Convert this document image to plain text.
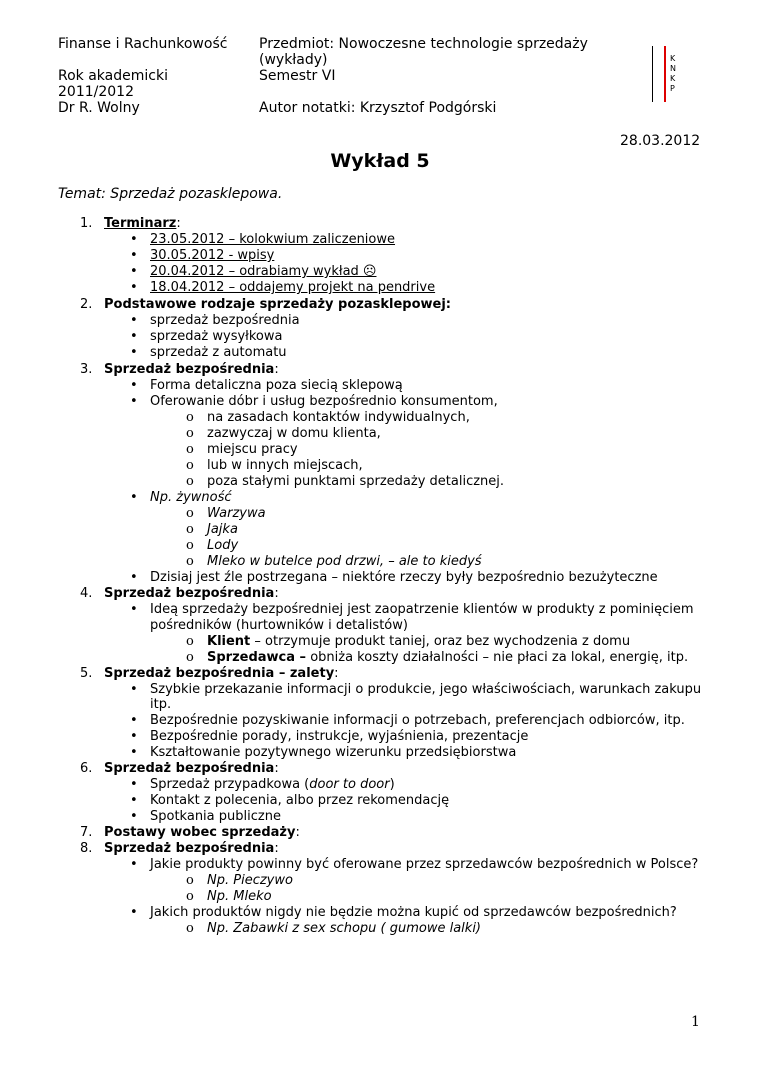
Finanse i Rachunkowość Przedmiot: Nowoczesne technologie sprzedaży
(wykłady)
Rok akademicki
2011/2012
Semestr VI
Dr R. Wolny	Autor notatki: Krzysztof Podgórski
K
N
K
P
28.03.2012
Wykład 5
Temat: Sprzedaż pozasklepowa.
1. Terminarz:
• 23.05.2012 – kolokwium zaliczeniowe
• 30.05.2012 - wpisy
• 20.04.2012 – odrabiamy wykład ☹
• 18.04.2012 – oddajemy projekt na pendrive
2. Podstawowe rodzaje sprzedaży pozasklepowej:
• sprzedaż bezpośrednia
• sprzedaż wysyłkowa
• sprzedaż z automatu
3. Sprzedaż bezpośrednia:
• Forma detaliczna poza siecią sklepową
• Oferowanie dóbr i usług bezpośrednio konsumentom,
o na zasadach kontaktów indywidualnych,
o zazwyczaj w domu klienta,
o miejscu pracy
o lub w innych miejscach,
o poza stałymi punktami sprzedaży detalicznej.
• Np. żywność
o Warzywa
o Jajka
o Lody
o Mleko w butelce pod drzwi, – ale to kiedyś
• Dzisiaj jest źle postrzegana – niektóre rzeczy były bezpośrednio bezużyteczne
4. Sprzedaż bezpośrednia:
• Ideą sprzedaży bezpośredniej jest zaopatrzenie klientów w produkty z pominięciem
pośredników (hurtowników i detalistów)
o Klient – otrzymuje produkt taniej, oraz bez wychodzenia z domu
o Sprzedawca – obniża koszty działalności – nie płaci za lokal, energię, itp.
5. Sprzedaż bezpośrednia – zalety:
• Szybkie przekazanie informacji o produkcie, jego właściwościach, warunkach zakupu
itp.
• Bezpośrednie pozyskiwanie informacji o potrzebach, preferencjach odbiorców, itp.
• Bezpośrednie porady, instrukcje, wyjaśnienia, prezentacje
• Kształtowanie pozytywnego wizerunku przedsiębiorstwa
6. Sprzedaż bezpośrednia:
• Sprzedaż przypadkowa (door to door)
• Kontakt z polecenia, albo przez rekomendację
• Spotkania publiczne
7. Postawy wobec sprzedaży:
8. Sprzedaż bezpośrednia:
• Jakie produkty powinny być oferowane przez sprzedawców bezpośrednich w Polsce?
o Np. Pieczywo
o Np. Mleko
• Jakich produktów nigdy nie będzie można kupić od sprzedawców bezpośrednich?
o Np. Zabawki z sex schopu ( gumowe lalki)
1
